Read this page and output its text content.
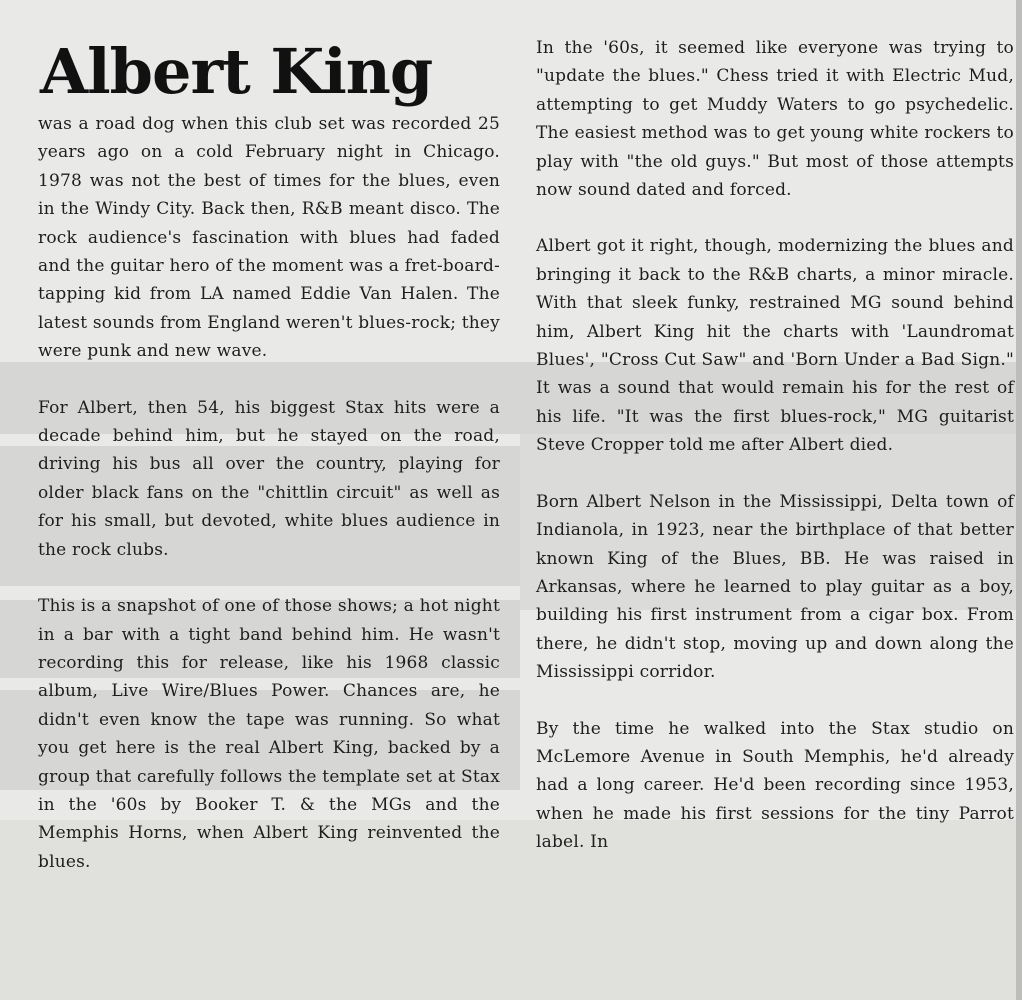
Albert King

was a road dog when this club set was recorded 25 years ago on a cold February night in Chicago. 1978 was not the best of times for the blues, even in the Windy City. Back then, R&B meant disco. The rock audience's fascination with blues had faded and the guitar hero of the moment was a fret-board-tapping kid from LA named Eddie Van Halen. The latest sounds from England weren't blues-rock; they were punk and new wave.

For Albert, then 54, his biggest Stax hits were a decade behind him, but he stayed on the road, driving his bus all over the country, playing for older black fans on the "chittlin circuit" as well as for his small, but devoted, white blues audience in the rock clubs.

This is a snapshot of one of those shows; a hot night in a bar with a tight band behind him. He wasn't recording this for release, like his 1968 classic album, Live Wire/Blues Power. Chances are, he didn't even know the tape was running. So what you get here is the real Albert King, backed by a group that carefully follows the template set at Stax in the '60s by Booker T. & the MGs and the Memphis Horns, when Albert King reinvented the blues.

In the '60s, it seemed like everyone was trying to "update the blues." Chess tried it with Electric Mud, attempting to get Muddy Waters to go psychedelic. The easiest method was to get young white rockers to play with "the old guys." But most of those attempts now sound dated and forced.

Albert got it right, though, modernizing the blues and bringing it back to the R&B charts, a minor miracle. With that sleek funky, restrained MG sound behind him, Albert King hit the charts with 'Laundromat Blues', "Cross Cut Saw" and 'Born Under a Bad Sign." It was a sound that would remain his for the rest of his life. "It was the first blues-rock," MG guitarist Steve Cropper told me after Albert died.

Born Albert Nelson in the Mississippi, Delta town of Indianola, in 1923, near the birthplace of that better known King of the Blues, BB. He was raised in Arkansas, where he learned to play guitar as a boy, building his first instrument from a cigar box. From there, he didn't stop, moving up and down along the Mississippi corridor.

By the time he walked into the Stax studio on McLemore Avenue in South Memphis, he'd already had a long career. He'd been recording since 1953, when he made his first sessions for the tiny Parrot label. In
